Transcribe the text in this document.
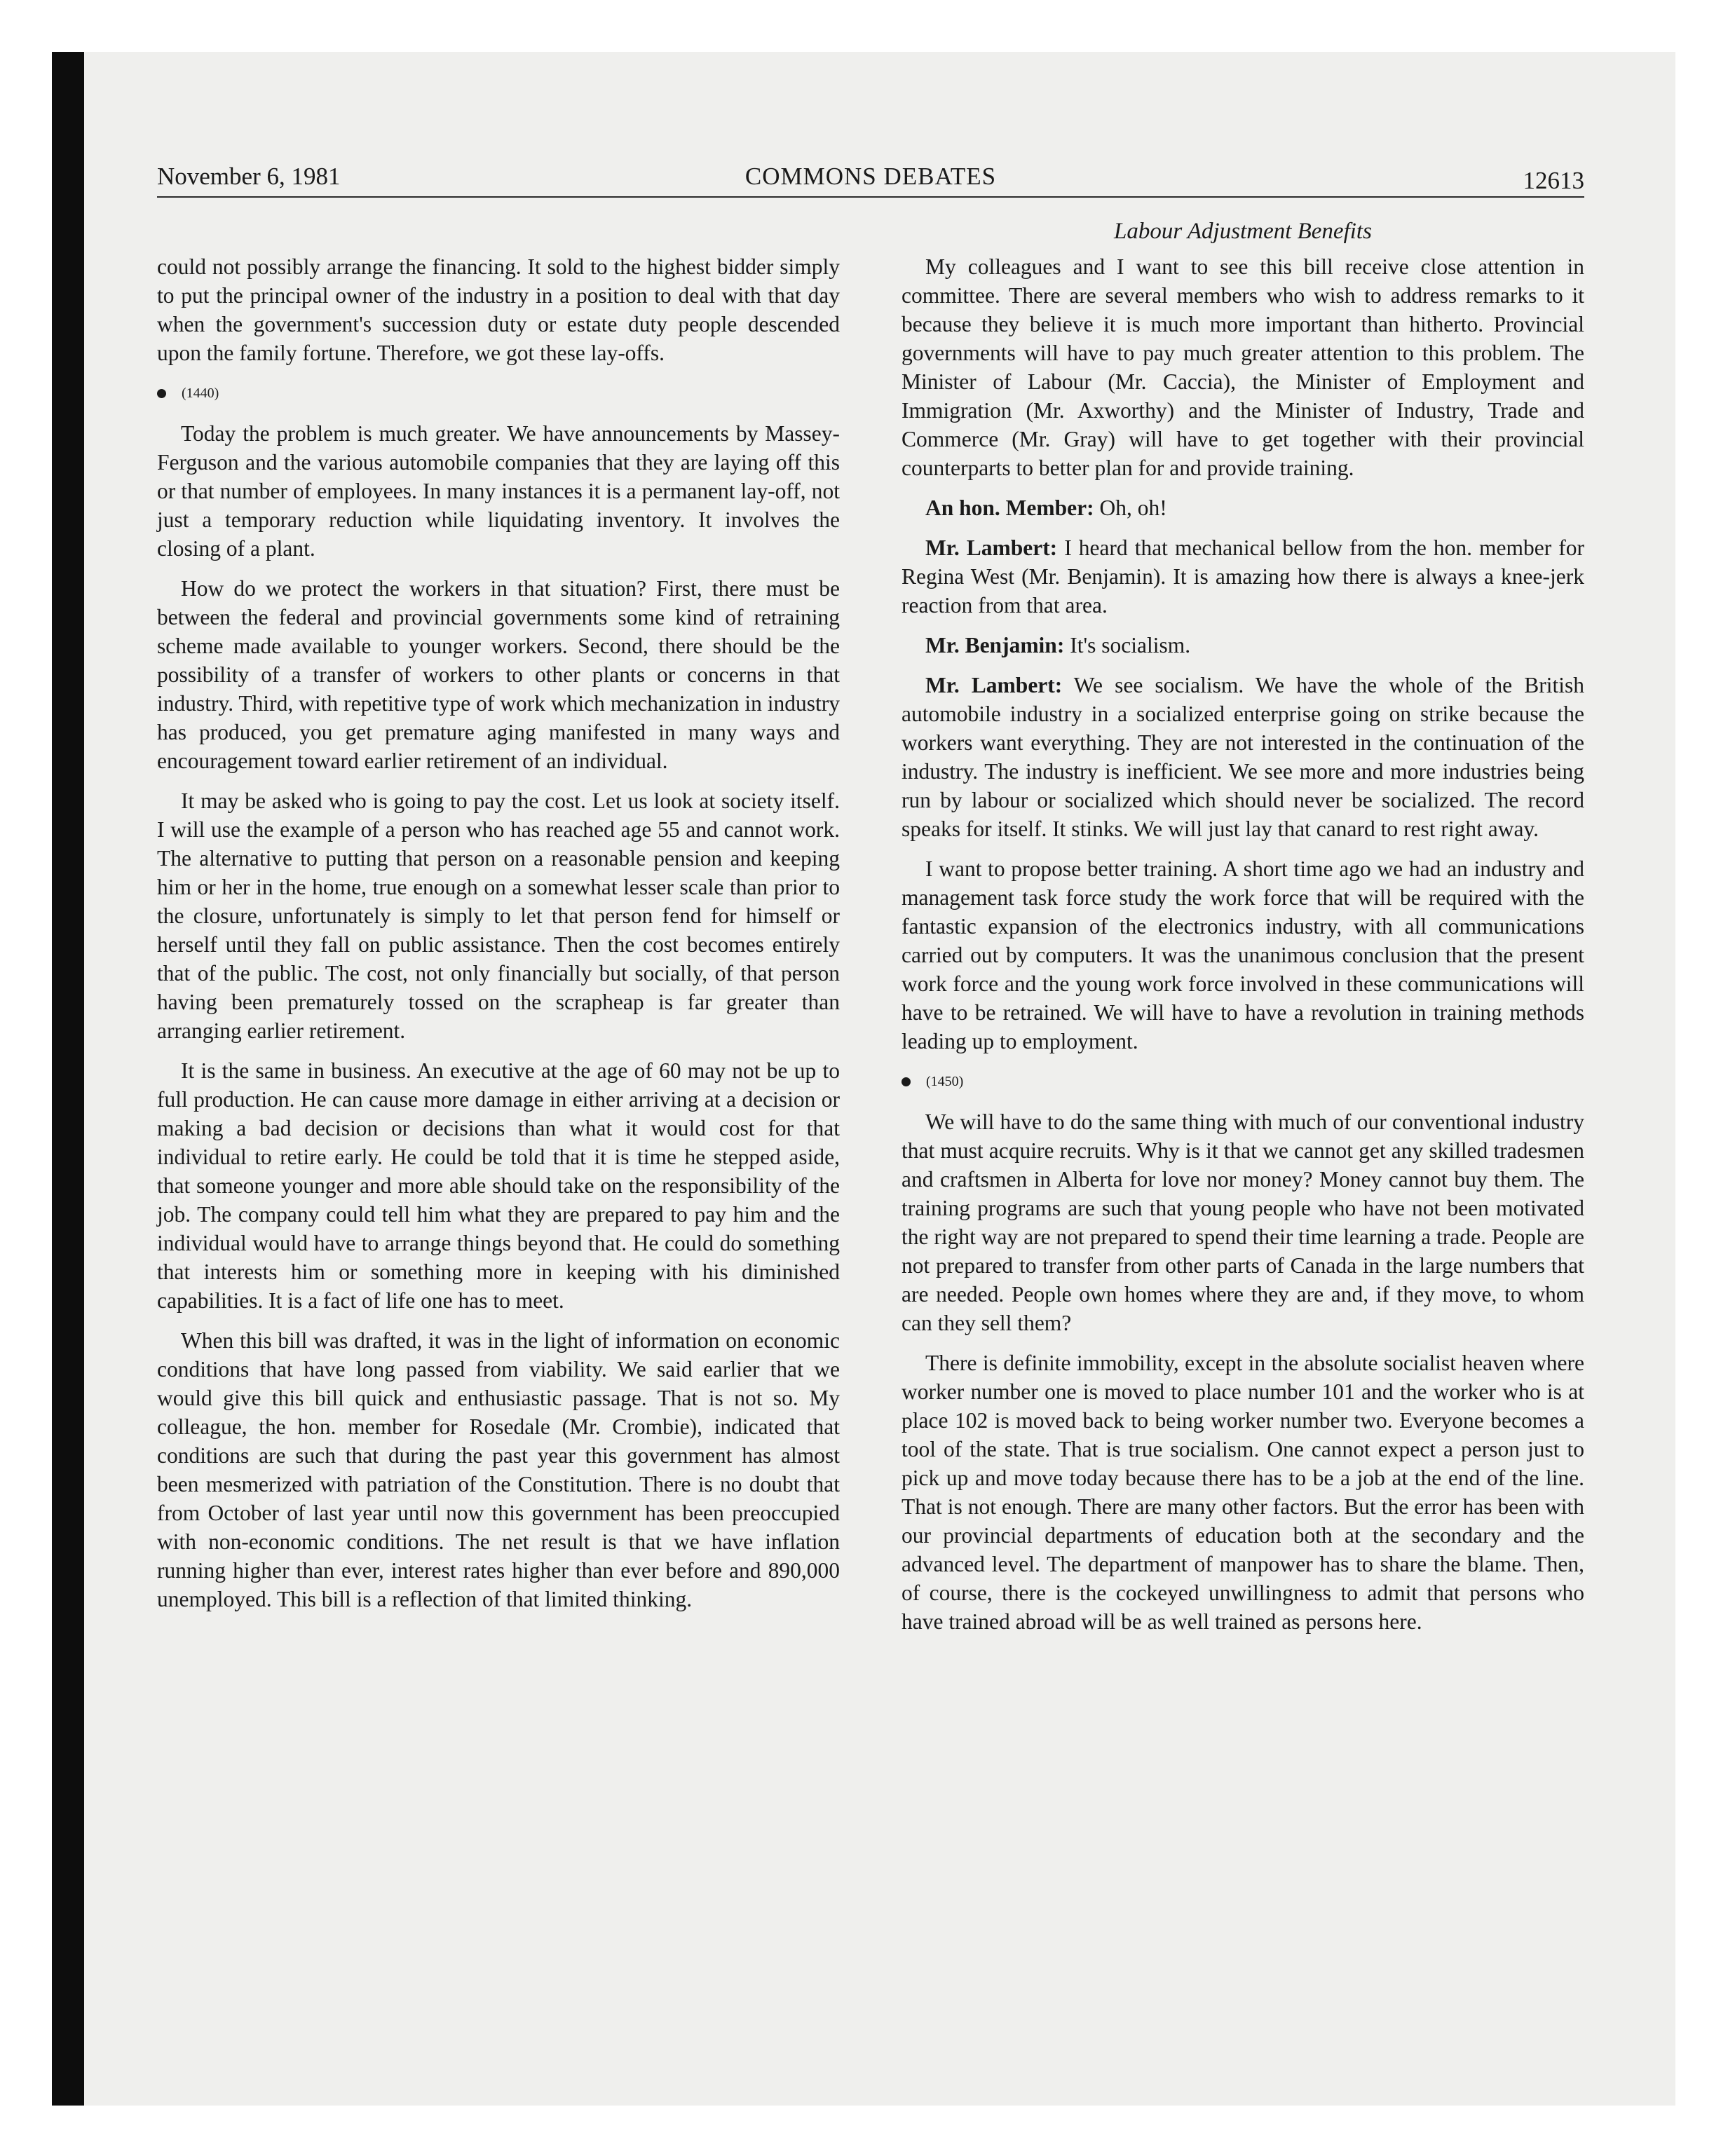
November 6, 1981	COMMONS DEBATES	12613
Labour Adjustment Benefits

could not possibly arrange the financing. It sold to the highest bidder simply to put the principal owner of the industry in a position to deal with that day when the government's succession duty or estate duty people descended upon the family fortune. Therefore, we got these lay-offs.

(1440)

Today the problem is much greater. We have announcements by Massey-Ferguson and the various automobile companies that they are laying off this or that number of employees. In many instances it is a permanent lay-off, not just a temporary reduction while liquidating inventory. It involves the closing of a plant.

How do we protect the workers in that situation? First, there must be between the federal and provincial governments some kind of retraining scheme made available to younger workers. Second, there should be the possibility of a transfer of workers to other plants or concerns in that industry. Third, with repetitive type of work which mechanization in industry has produced, you get premature aging manifested in many ways and encouragement toward earlier retirement of an individual.

It may be asked who is going to pay the cost. Let us look at society itself. I will use the example of a person who has reached age 55 and cannot work. The alternative to putting that person on a reasonable pension and keeping him or her in the home, true enough on a somewhat lesser scale than prior to the closure, unfortunately is simply to let that person fend for himself or herself until they fall on public assistance. Then the cost becomes entirely that of the public. The cost, not only financially but socially, of that person having been prematurely tossed on the scrapheap is far greater than arranging earlier retirement.

It is the same in business. An executive at the age of 60 may not be up to full production. He can cause more damage in either arriving at a decision or making a bad decision or decisions than what it would cost for that individual to retire early. He could be told that it is time he stepped aside, that someone younger and more able should take on the responsibility of the job. The company could tell him what they are prepared to pay him and the individual would have to arrange things beyond that. He could do something that interests him or something more in keeping with his diminished capabilities. It is a fact of life one has to meet.

When this bill was drafted, it was in the light of information on economic conditions that have long passed from viability. We said earlier that we would give this bill quick and enthusiastic passage. That is not so. My colleague, the hon. member for Rosedale (Mr. Crombie), indicated that conditions are such that during the past year this government has almost been mesmerized with patriation of the Constitution. There is no doubt that from October of last year until now this government has been preoccupied with non-economic conditions. The net result is that we have inflation running higher than ever, interest rates higher than ever before and 890,000 unemployed. This bill is a reflection of that limited thinking.

My colleagues and I want to see this bill receive close attention in committee. There are several members who wish to address remarks to it because they believe it is much more important than hitherto. Provincial governments will have to pay much greater attention to this problem. The Minister of Labour (Mr. Caccia), the Minister of Employment and Immigration (Mr. Axworthy) and the Minister of Industry, Trade and Commerce (Mr. Gray) will have to get together with their provincial counterparts to better plan for and provide training.

An hon. Member: Oh, oh!

Mr. Lambert: I heard that mechanical bellow from the hon. member for Regina West (Mr. Benjamin). It is amazing how there is always a knee-jerk reaction from that area.

Mr. Benjamin: It's socialism.

Mr. Lambert: We see socialism. We have the whole of the British automobile industry in a socialized enterprise going on strike because the workers want everything. They are not interested in the continuation of the industry. The industry is inefficient. We see more and more industries being run by labour or socialized which should never be socialized. The record speaks for itself. It stinks. We will just lay that canard to rest right away.

I want to propose better training. A short time ago we had an industry and management task force study the work force that will be required with the fantastic expansion of the electronics industry, with all communications carried out by computers. It was the unanimous conclusion that the present work force and the young work force involved in these communications will have to be retrained. We will have to have a revolution in training methods leading up to employment.

(1450)

We will have to do the same thing with much of our conventional industry that must acquire recruits. Why is it that we cannot get any skilled tradesmen and craftsmen in Alberta for love nor money? Money cannot buy them. The training programs are such that young people who have not been motivated the right way are not prepared to spend their time learning a trade. People are not prepared to transfer from other parts of Canada in the large numbers that are needed. People own homes where they are and, if they move, to whom can they sell them?

There is definite immobility, except in the absolute socialist heaven where worker number one is moved to place number 101 and the worker who is at place 102 is moved back to being worker number two. Everyone becomes a tool of the state. That is true socialism. One cannot expect a person just to pick up and move today because there has to be a job at the end of the line. That is not enough. There are many other factors. But the error has been with our provincial departments of education both at the secondary and the advanced level. The department of manpower has to share the blame. Then, of course, there is the cockeyed unwillingness to admit that persons who have trained abroad will be as well trained as persons here.
